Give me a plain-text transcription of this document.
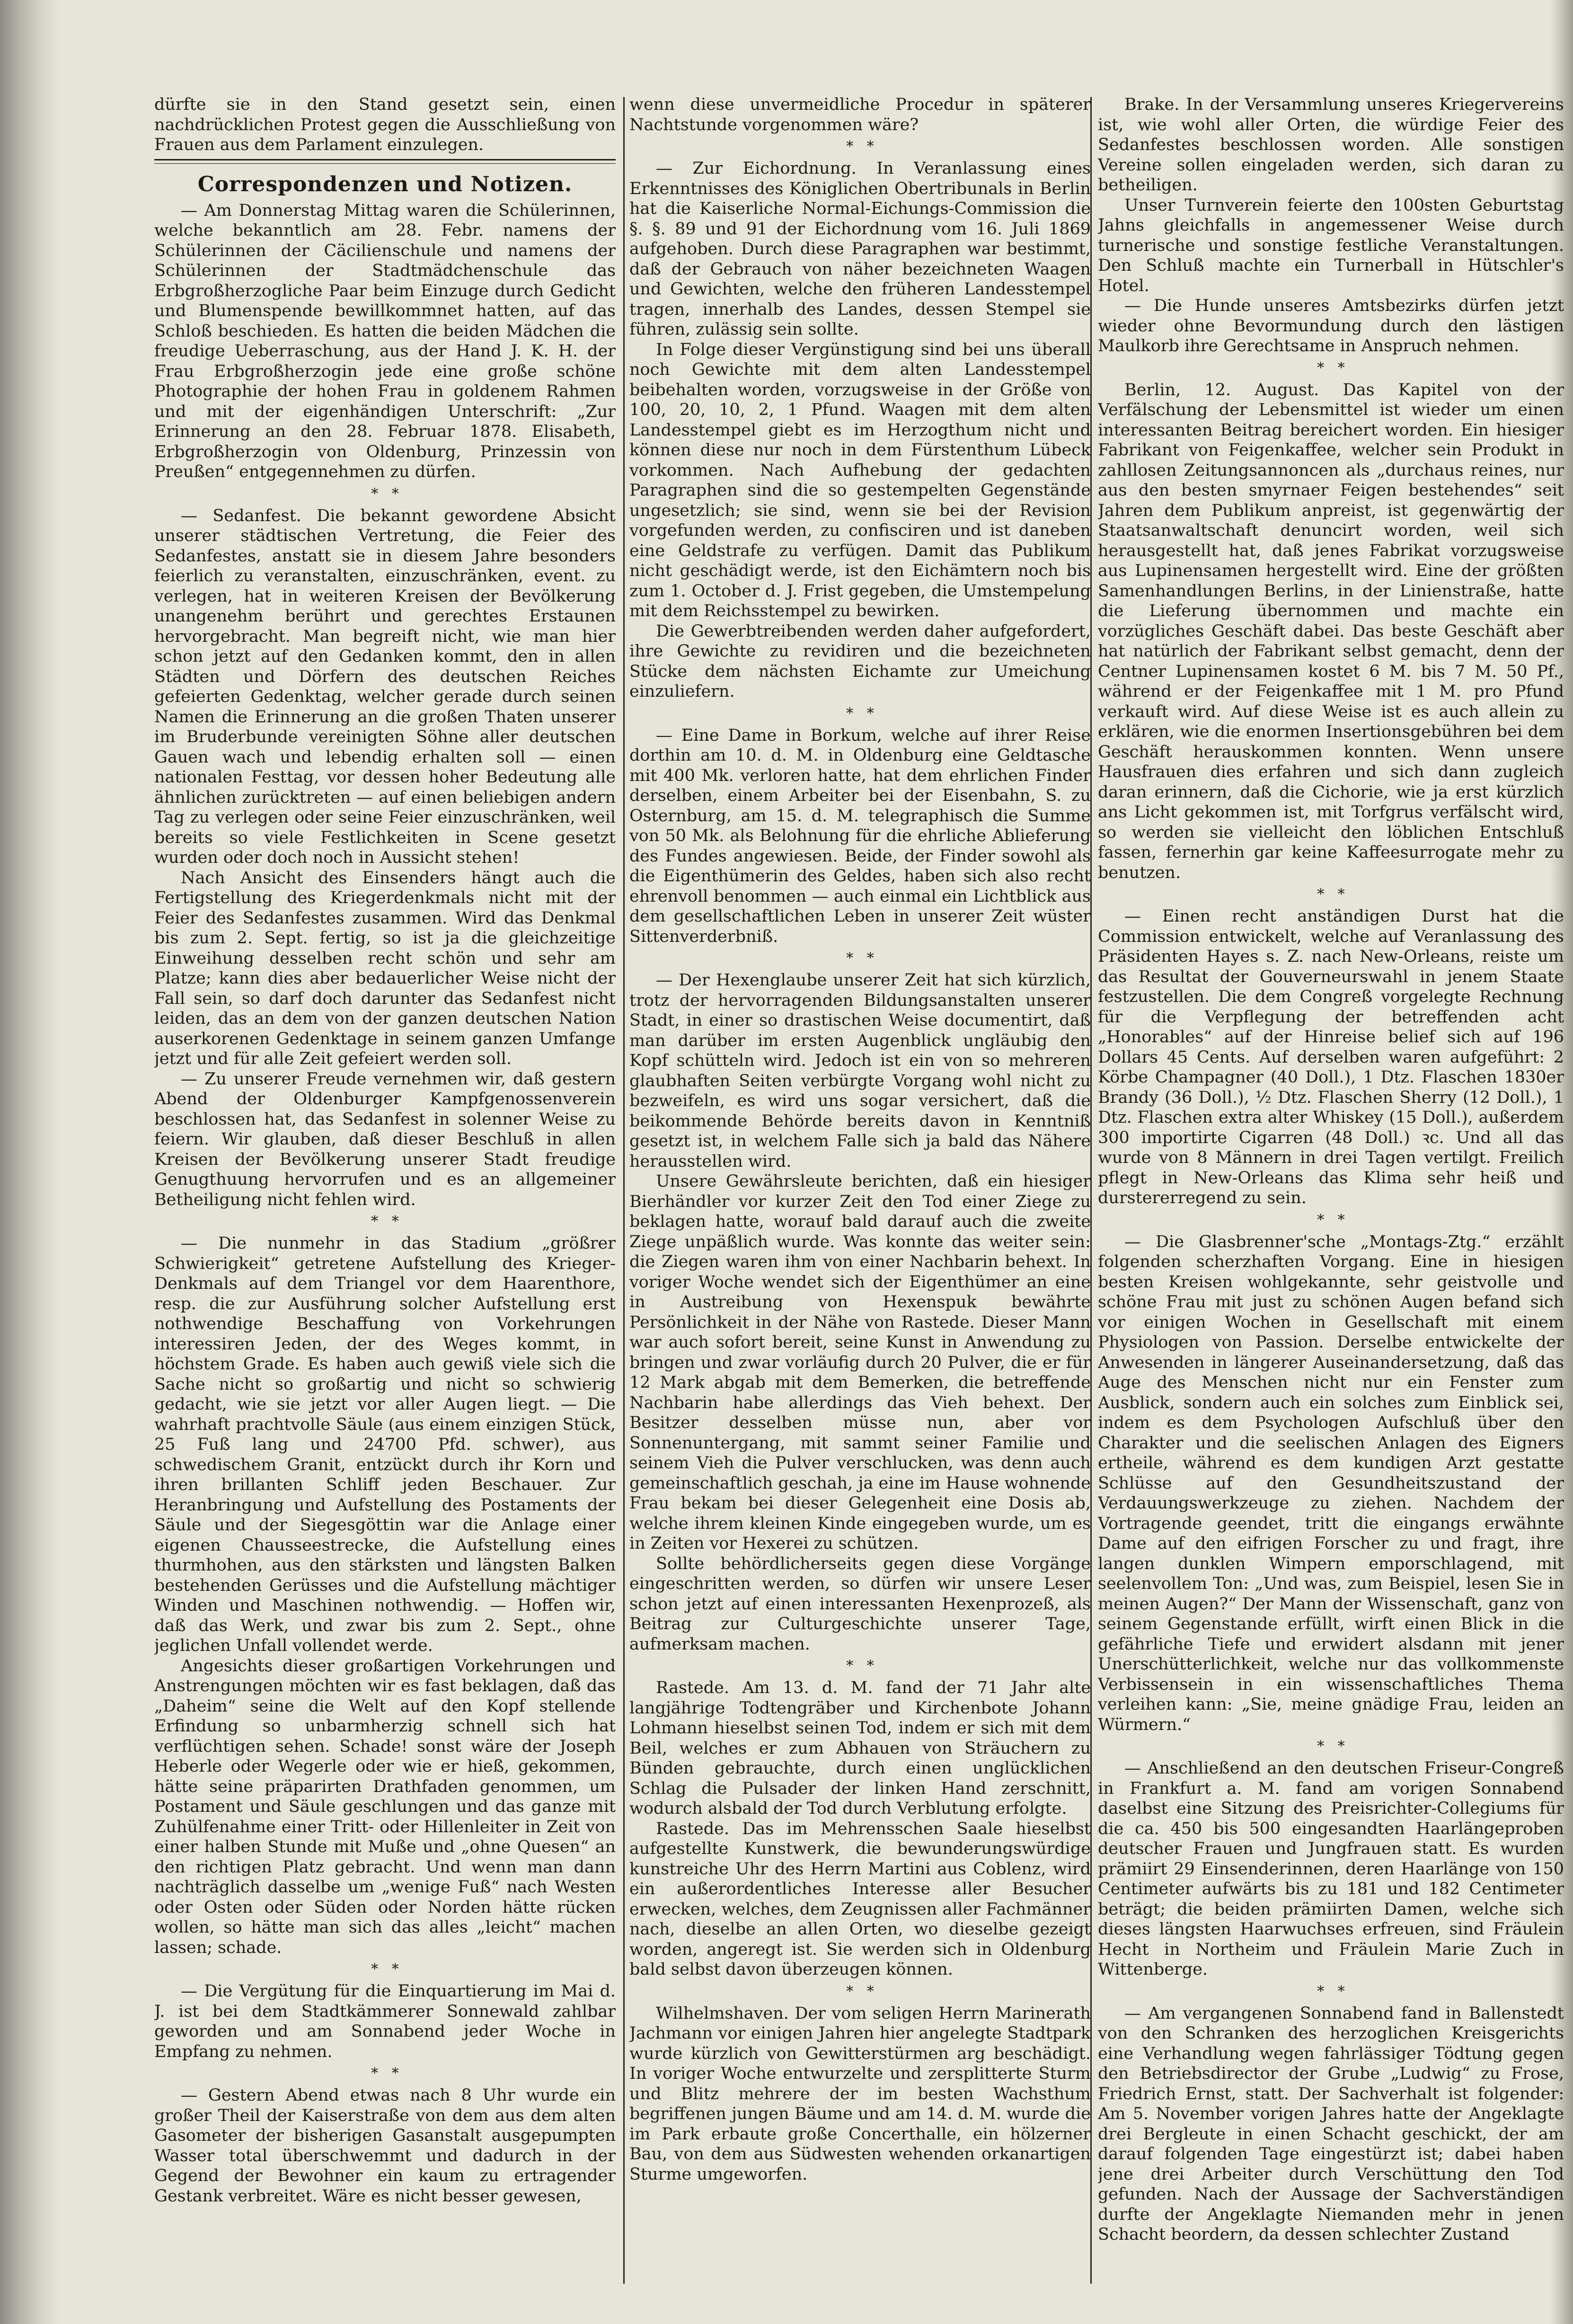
dürfte sie in den Stand gesetzt sein, einen nachdrücklichen Protest gegen die Ausschließung von Frauen aus dem Parlament einzulegen.

Correspondenzen und Notizen.

— Am Donnerstag Mittag waren die Schülerinnen, welche bekanntlich am 28. Febr. namens der Schülerinnen der Cäcilienschule und namens der Schülerinnen der Stadtmädchenschule das Erbgroßherzogliche Paar beim Einzuge durch Gedicht und Blumenspende bewillkommnet hatten, auf das Schloß beschieden. Es hatten die beiden Mädchen die freudige Ueberraschung, aus der Hand J. K. H. der Frau Erbgroßherzogin jede eine große schöne Photographie der hohen Frau in goldenem Rahmen und mit der eigenhändigen Unterschrift: „Zur Erinnerung an den 28. Februar 1878. Elisabeth, Erbgroßherzogin von Oldenburg, Prinzessin von Preußen“ entgegennehmen zu dürfen.

*   *

— Sedanfest. Die bekannt gewordene Absicht unserer städtischen Vertretung, die Feier des Sedanfestes, anstatt sie in diesem Jahre besonders feierlich zu veranstalten, einzuschränken, event. zu verlegen, hat in weiteren Kreisen der Bevölkerung unangenehm berührt und gerechtes Erstaunen hervorgebracht. Man begreift nicht, wie man hier schon jetzt auf den Gedanken kommt, den in allen Städten und Dörfern des deutschen Reiches gefeierten Gedenktag, welcher gerade durch seinen Namen die Erinnerung an die großen Thaten unserer im Bruderbunde vereinigten Söhne aller deutschen Gauen wach und lebendig erhalten soll — einen nationalen Festtag, vor dessen hoher Bedeutung alle ähnlichen zurücktreten — auf einen beliebigen andern Tag zu verlegen oder seine Feier einzuschränken, weil bereits so viele Festlichkeiten in Scene gesetzt wurden oder doch noch in Aussicht stehen!

Nach Ansicht des Einsenders hängt auch die Fertigstellung des Kriegerdenkmals nicht mit der Feier des Sedanfestes zusammen. Wird das Denkmal bis zum 2. Sept. fertig, so ist ja die gleichzeitige Einweihung desselben recht schön und sehr am Platze; kann dies aber bedauerlicher Weise nicht der Fall sein, so darf doch darunter das Sedanfest nicht leiden, das an dem von der ganzen deutschen Nation auserkorenen Gedenktage in seinem ganzen Umfange jetzt und für alle Zeit gefeiert werden soll.

— Zu unserer Freude vernehmen wir, daß gestern Abend der Oldenburger Kampfgenossenverein beschlossen hat, das Sedanfest in solenner Weise zu feiern. Wir glauben, daß dieser Beschluß in allen Kreisen der Bevölkerung unserer Stadt freudige Genugthuung hervorrufen und es an allgemeiner Betheiligung nicht fehlen wird.

*   *

— Die nunmehr in das Stadium „größrer Schwierigkeit“ getretene Aufstellung des Krieger-Denkmals auf dem Triangel vor dem Haarenthore, resp. die zur Ausführung solcher Aufstellung erst nothwendige Beschaffung von Vorkehrungen interessiren Jeden, der des Weges kommt, in höchstem Grade. Es haben auch gewiß viele sich die Sache nicht so großartig und nicht so schwierig gedacht, wie sie jetzt vor aller Augen liegt. — Die wahrhaft prachtvolle Säule (aus einem einzigen Stück, 25 Fuß lang und 24700 Pfd. schwer), aus schwedischem Granit, entzückt durch ihr Korn und ihren brillanten Schliff jeden Beschauer. Zur Heranbringung und Aufstellung des Postaments der Säule und der Siegesgöttin war die Anlage einer eigenen Chausseestrecke, die Aufstellung eines thurmhohen, aus den stärksten und längsten Balken bestehenden Gerüsses und die Aufstellung mächtiger Winden und Maschinen nothwendig. — Hoffen wir, daß das Werk, und zwar bis zum 2. Sept., ohne jeglichen Unfall vollendet werde.

Angesichts dieser großartigen Vorkehrungen und Anstrengungen möchten wir es fast beklagen, daß das „Daheim“ seine die Welt auf den Kopf stellende Erfindung so unbarmherzig schnell sich hat verflüchtigen sehen. Schade! sonst wäre der Joseph Heberle oder Wegerle oder wie er hieß, gekommen, hätte seine präparirten Drathfaden genommen, um Postament und Säule geschlungen und das ganze mit Zuhülfenahme einer Tritt- oder Hillenleiter in Zeit von einer halben Stunde mit Muße und „ohne Quesen“ an den richtigen Platz gebracht. Und wenn man dann nachträglich dasselbe um „wenige Fuß“ nach Westen oder Osten oder Süden oder Norden hätte rücken wollen, so hätte man sich das alles „leicht“ machen lassen; schade.

*   *

— Die Vergütung für die Einquartierung im Mai d. J. ist bei dem Stadtkämmerer Sonnewald zahlbar geworden und am Sonnabend jeder Woche in Empfang zu nehmen.

*   *

— Gestern Abend etwas nach 8 Uhr wurde ein großer Theil der Kaiserstraße von dem aus dem alten Gasometer der bisherigen Gasanstalt ausgepumpten Wasser total überschwemmt und dadurch in der Gegend der Bewohner ein kaum zu ertragender Gestank verbreitet. Wäre es nicht besser gewesen,

wenn diese unvermeidliche Procedur in späterer Nachtstunde vorgenommen wäre?

*   *

— Zur Eichordnung. In Veranlassung eines Erkenntnisses des Königlichen Obertribunals in Berlin hat die Kaiserliche Normal-Eichungs-Commission die §. §. 89 und 91 der Eichordnung vom 16. Juli 1869 aufgehoben. Durch diese Paragraphen war bestimmt, daß der Gebrauch von näher bezeichneten Waagen und Gewichten, welche den früheren Landesstempel tragen, innerhalb des Landes, dessen Stempel sie führen, zulässig sein sollte.

In Folge dieser Vergünstigung sind bei uns überall noch Gewichte mit dem alten Landesstempel beibehalten worden, vorzugsweise in der Größe von 100, 20, 10, 2, 1 Pfund. Waagen mit dem alten Landesstempel giebt es im Herzogthum nicht und können diese nur noch in dem Fürstenthum Lübeck vorkommen. Nach Aufhebung der gedachten Paragraphen sind die so gestempelten Gegenstände ungesetzlich; sie sind, wenn sie bei der Revision vorgefunden werden, zu confisciren und ist daneben eine Geldstrafe zu verfügen. Damit das Publikum nicht geschädigt werde, ist den Eichämtern noch bis zum 1. October d. J. Frist gegeben, die Umstempelung mit dem Reichsstempel zu bewirken.

Die Gewerbtreibenden werden daher aufgefordert, ihre Gewichte zu revidiren und die bezeichneten Stücke dem nächsten Eichamte zur Umeichung einzuliefern.

*   *

— Eine Dame in Borkum, welche auf ihrer Reise dorthin am 10. d. M. in Oldenburg eine Geldtasche mit 400 Mk. verloren hatte, hat dem ehrlichen Finder derselben, einem Arbeiter bei der Eisenbahn, S. zu Osternburg, am 15. d. M. telegraphisch die Summe von 50 Mk. als Belohnung für die ehrliche Ablieferung des Fundes angewiesen. Beide, der Finder sowohl als die Eigenthümerin des Geldes, haben sich also recht ehrenvoll benommen — auch einmal ein Lichtblick aus dem gesellschaftlichen Leben in unserer Zeit wüster Sittenverderbniß.

*   *

— Der Hexenglaube unserer Zeit hat sich kürzlich, trotz der hervorragenden Bildungsanstalten unserer Stadt, in einer so drastischen Weise documentirt, daß man darüber im ersten Augenblick ungläubig den Kopf schütteln wird. Jedoch ist ein von so mehreren glaubhaften Seiten verbürgte Vorgang wohl nicht zu bezweifeln, es wird uns sogar versichert, daß die beikommende Behörde bereits davon in Kenntniß gesetzt ist, in welchem Falle sich ja bald das Nähere herausstellen wird.

Unsere Gewährsleute berichten, daß ein hiesiger Bierhändler vor kurzer Zeit den Tod einer Ziege zu beklagen hatte, worauf bald darauf auch die zweite Ziege unpäßlich wurde. Was konnte das weiter sein: die Ziegen waren ihm von einer Nachbarin behext. In voriger Woche wendet sich der Eigenthümer an eine in Austreibung von Hexenspuk bewährte Persönlichkeit in der Nähe von Rastede. Dieser Mann war auch sofort bereit, seine Kunst in Anwendung zu bringen und zwar vorläufig durch 20 Pulver, die er für 12 Mark abgab mit dem Bemerken, die betreffende Nachbarin habe allerdings das Vieh behext. Der Besitzer desselben müsse nun, aber vor Sonnenuntergang, mit sammt seiner Familie und seinem Vieh die Pulver verschlucken, was denn auch gemeinschaftlich geschah, ja eine im Hause wohnende Frau bekam bei dieser Gelegenheit eine Dosis ab, welche ihrem kleinen Kinde eingegeben wurde, um es in Zeiten vor Hexerei zu schützen.

Sollte behördlicherseits gegen diese Vorgänge eingeschritten werden, so dürfen wir unsere Leser schon jetzt auf einen interessanten Hexenprozeß, als Beitrag zur Culturgeschichte unserer Tage, aufmerksam machen.

*   *

Rastede. Am 13. d. M. fand der 71 Jahr alte langjährige Todtengräber und Kirchenbote Johann Lohmann hieselbst seinen Tod, indem er sich mit dem Beil, welches er zum Abhauen von Sträuchern zu Bünden gebrauchte, durch einen unglücklichen Schlag die Pulsader der linken Hand zerschnitt, wodurch alsbald der Tod durch Verblutung erfolgte.

Rastede. Das im Mehrensschen Saale hieselbst aufgestellte Kunstwerk, die bewunderungswürdige kunstreiche Uhr des Herrn Martini aus Coblenz, wird ein außerordentliches Interesse aller Besucher erwecken, welches, dem Zeugnissen aller Fachmänner nach, dieselbe an allen Orten, wo dieselbe gezeigt worden, angeregt ist. Sie werden sich in Oldenburg bald selbst davon überzeugen können.

*   *

Wilhelmshaven. Der vom seligen Herrn Marinerath Jachmann vor einigen Jahren hier angelegte Stadtpark wurde kürzlich von Gewitterstürmen arg beschädigt. In voriger Woche entwurzelte und zersplitterte Sturm und Blitz mehrere der im besten Wachsthum begriffenen jungen Bäume und am 14. d. M. wurde die im Park erbaute große Concerthalle, ein hölzerner Bau, von dem aus Südwesten wehenden orkanartigen Sturme umgeworfen.

Brake. In der Versammlung unseres Kriegervereins ist, wie wohl aller Orten, die würdige Feier des Sedanfestes beschlossen worden. Alle sonstigen Vereine sollen eingeladen werden, sich daran zu betheiligen.

Unser Turnverein feierte den 100sten Geburtstag Jahns gleichfalls in angemessener Weise durch turnerische und sonstige festliche Veranstaltungen. Den Schluß machte ein Turnerball in Hütschler's Hotel.

— Die Hunde unseres Amtsbezirks dürfen jetzt wieder ohne Bevormundung durch den lästigen Maulkorb ihre Gerechtsame in Anspruch nehmen.

*   *

Berlin, 12. August. Das Kapitel von der Verfälschung der Lebensmittel ist wieder um einen interessanten Beitrag bereichert worden. Ein hiesiger Fabrikant von Feigenkaffee, welcher sein Produkt in zahllosen Zeitungsannoncen als „durchaus reines, nur aus den besten smyrnaer Feigen bestehendes“ seit Jahren dem Publikum anpreist, ist gegenwärtig der Staatsanwaltschaft denuncirt worden, weil sich herausgestellt hat, daß jenes Fabrikat vorzugsweise aus Lupinensamen hergestellt wird. Eine der größten Samenhandlungen Berlins, in der Linienstraße, hatte die Lieferung übernommen und machte ein vorzügliches Geschäft dabei. Das beste Geschäft aber hat natürlich der Fabrikant selbst gemacht, denn der Centner Lupinensamen kostet 6 M. bis 7 M. 50 Pf., während er der Feigenkaffee mit 1 M. pro Pfund verkauft wird. Auf diese Weise ist es auch allein zu erklären, wie die enormen Insertionsgebühren bei dem Geschäft herauskommen konnten. Wenn unsere Hausfrauen dies erfahren und sich dann zugleich daran erinnern, daß die Cichorie, wie ja erst kürzlich ans Licht gekommen ist, mit Torfgrus verfälscht wird, so werden sie vielleicht den löblichen Entschluß fassen, fernerhin gar keine Kaffeesurrogate mehr zu benutzen.

*   *

— Einen recht anständigen Durst hat die Commission entwickelt, welche auf Veranlassung des Präsidenten Hayes s. Z. nach New-Orleans, reiste um das Resultat der Gouverneurswahl in jenem Staate festzustellen. Die dem Congreß vorgelegte Rechnung für die Verpflegung der betreffenden acht „Honorables“ auf der Hinreise belief sich auf 196 Dollars 45 Cents. Auf derselben waren aufgeführt: 2 Körbe Champagner (40 Doll.), 1 Dtz. Flaschen 1830er Brandy (36 Doll.), ½ Dtz. Flaschen Sherry (12 Doll.), 1 Dtz. Flaschen extra alter Whiskey (15 Doll.), außerdem 300 importirte Cigarren (48 Doll.) ꝛc. Und all das wurde von 8 Männern in drei Tagen vertilgt. Freilich pflegt in New-Orleans das Klima sehr heiß und durstererregend zu sein.

*   *

— Die Glasbrenner'sche „Montags-Ztg.“ erzählt folgenden scherzhaften Vorgang. Eine in hiesigen besten Kreisen wohlgekannte, sehr geistvolle und schöne Frau mit just zu schönen Augen befand sich vor einigen Wochen in Gesellschaft mit einem Physiologen von Passion. Derselbe entwickelte der Anwesenden in längerer Auseinandersetzung, daß das Auge des Menschen nicht nur ein Fenster zum Ausblick, sondern auch ein solches zum Einblick sei, indem es dem Psychologen Aufschluß über den Charakter und die seelischen Anlagen des Eigners ertheile, während es dem kundigen Arzt gestatte Schlüsse auf den Gesundheitszustand der Verdauungswerkzeuge zu ziehen. Nachdem der Vortragende geendet, tritt die eingangs erwähnte Dame auf den eifrigen Forscher zu und fragt, ihre langen dunklen Wimpern emporschlagend, mit seelenvollem Ton: „Und was, zum Beispiel, lesen Sie in meinen Augen?“ Der Mann der Wissenschaft, ganz von seinem Gegenstande erfüllt, wirft einen Blick in die gefährliche Tiefe und erwidert alsdann mit jener Unerschütterlichkeit, welche nur das vollkommenste Verbissensein in ein wissenschaftliches Thema verleihen kann: „Sie, meine gnädige Frau, leiden an Würmern.“

*   *

— Anschließend an den deutschen Friseur-Congreß in Frankfurt a. M. fand am vorigen Sonnabend daselbst eine Sitzung des Preisrichter-Collegiums für die ca. 450 bis 500 eingesandten Haarlängeproben deutscher Frauen und Jungfrauen statt. Es wurden prämiirt 29 Einsenderinnen, deren Haarlänge von 150 Centimeter aufwärts bis zu 181 und 182 Centimeter beträgt; die beiden prämiirten Damen, welche sich dieses längsten Haarwuchses erfreuen, sind Fräulein Hecht in Northeim und Fräulein Marie Zuch in Wittenberge.

*   *

— Am vergangenen Sonnabend fand in Ballenstedt von den Schranken des herzoglichen Kreisgerichts eine Verhandlung wegen fahrlässiger Tödtung gegen den Betriebsdirector der Grube „Ludwig“ zu Frose, Friedrich Ernst, statt. Der Sachverhalt ist folgender: Am 5. November vorigen Jahres hatte der Angeklagte drei Bergleute in einen Schacht geschickt, der am darauf folgenden Tage eingestürzt ist; dabei haben jene drei Arbeiter durch Verschüttung den Tod gefunden. Nach der Aussage der Sachverständigen durfte der Angeklagte Niemanden mehr in jenen Schacht beordern, da dessen schlechter Zustand
